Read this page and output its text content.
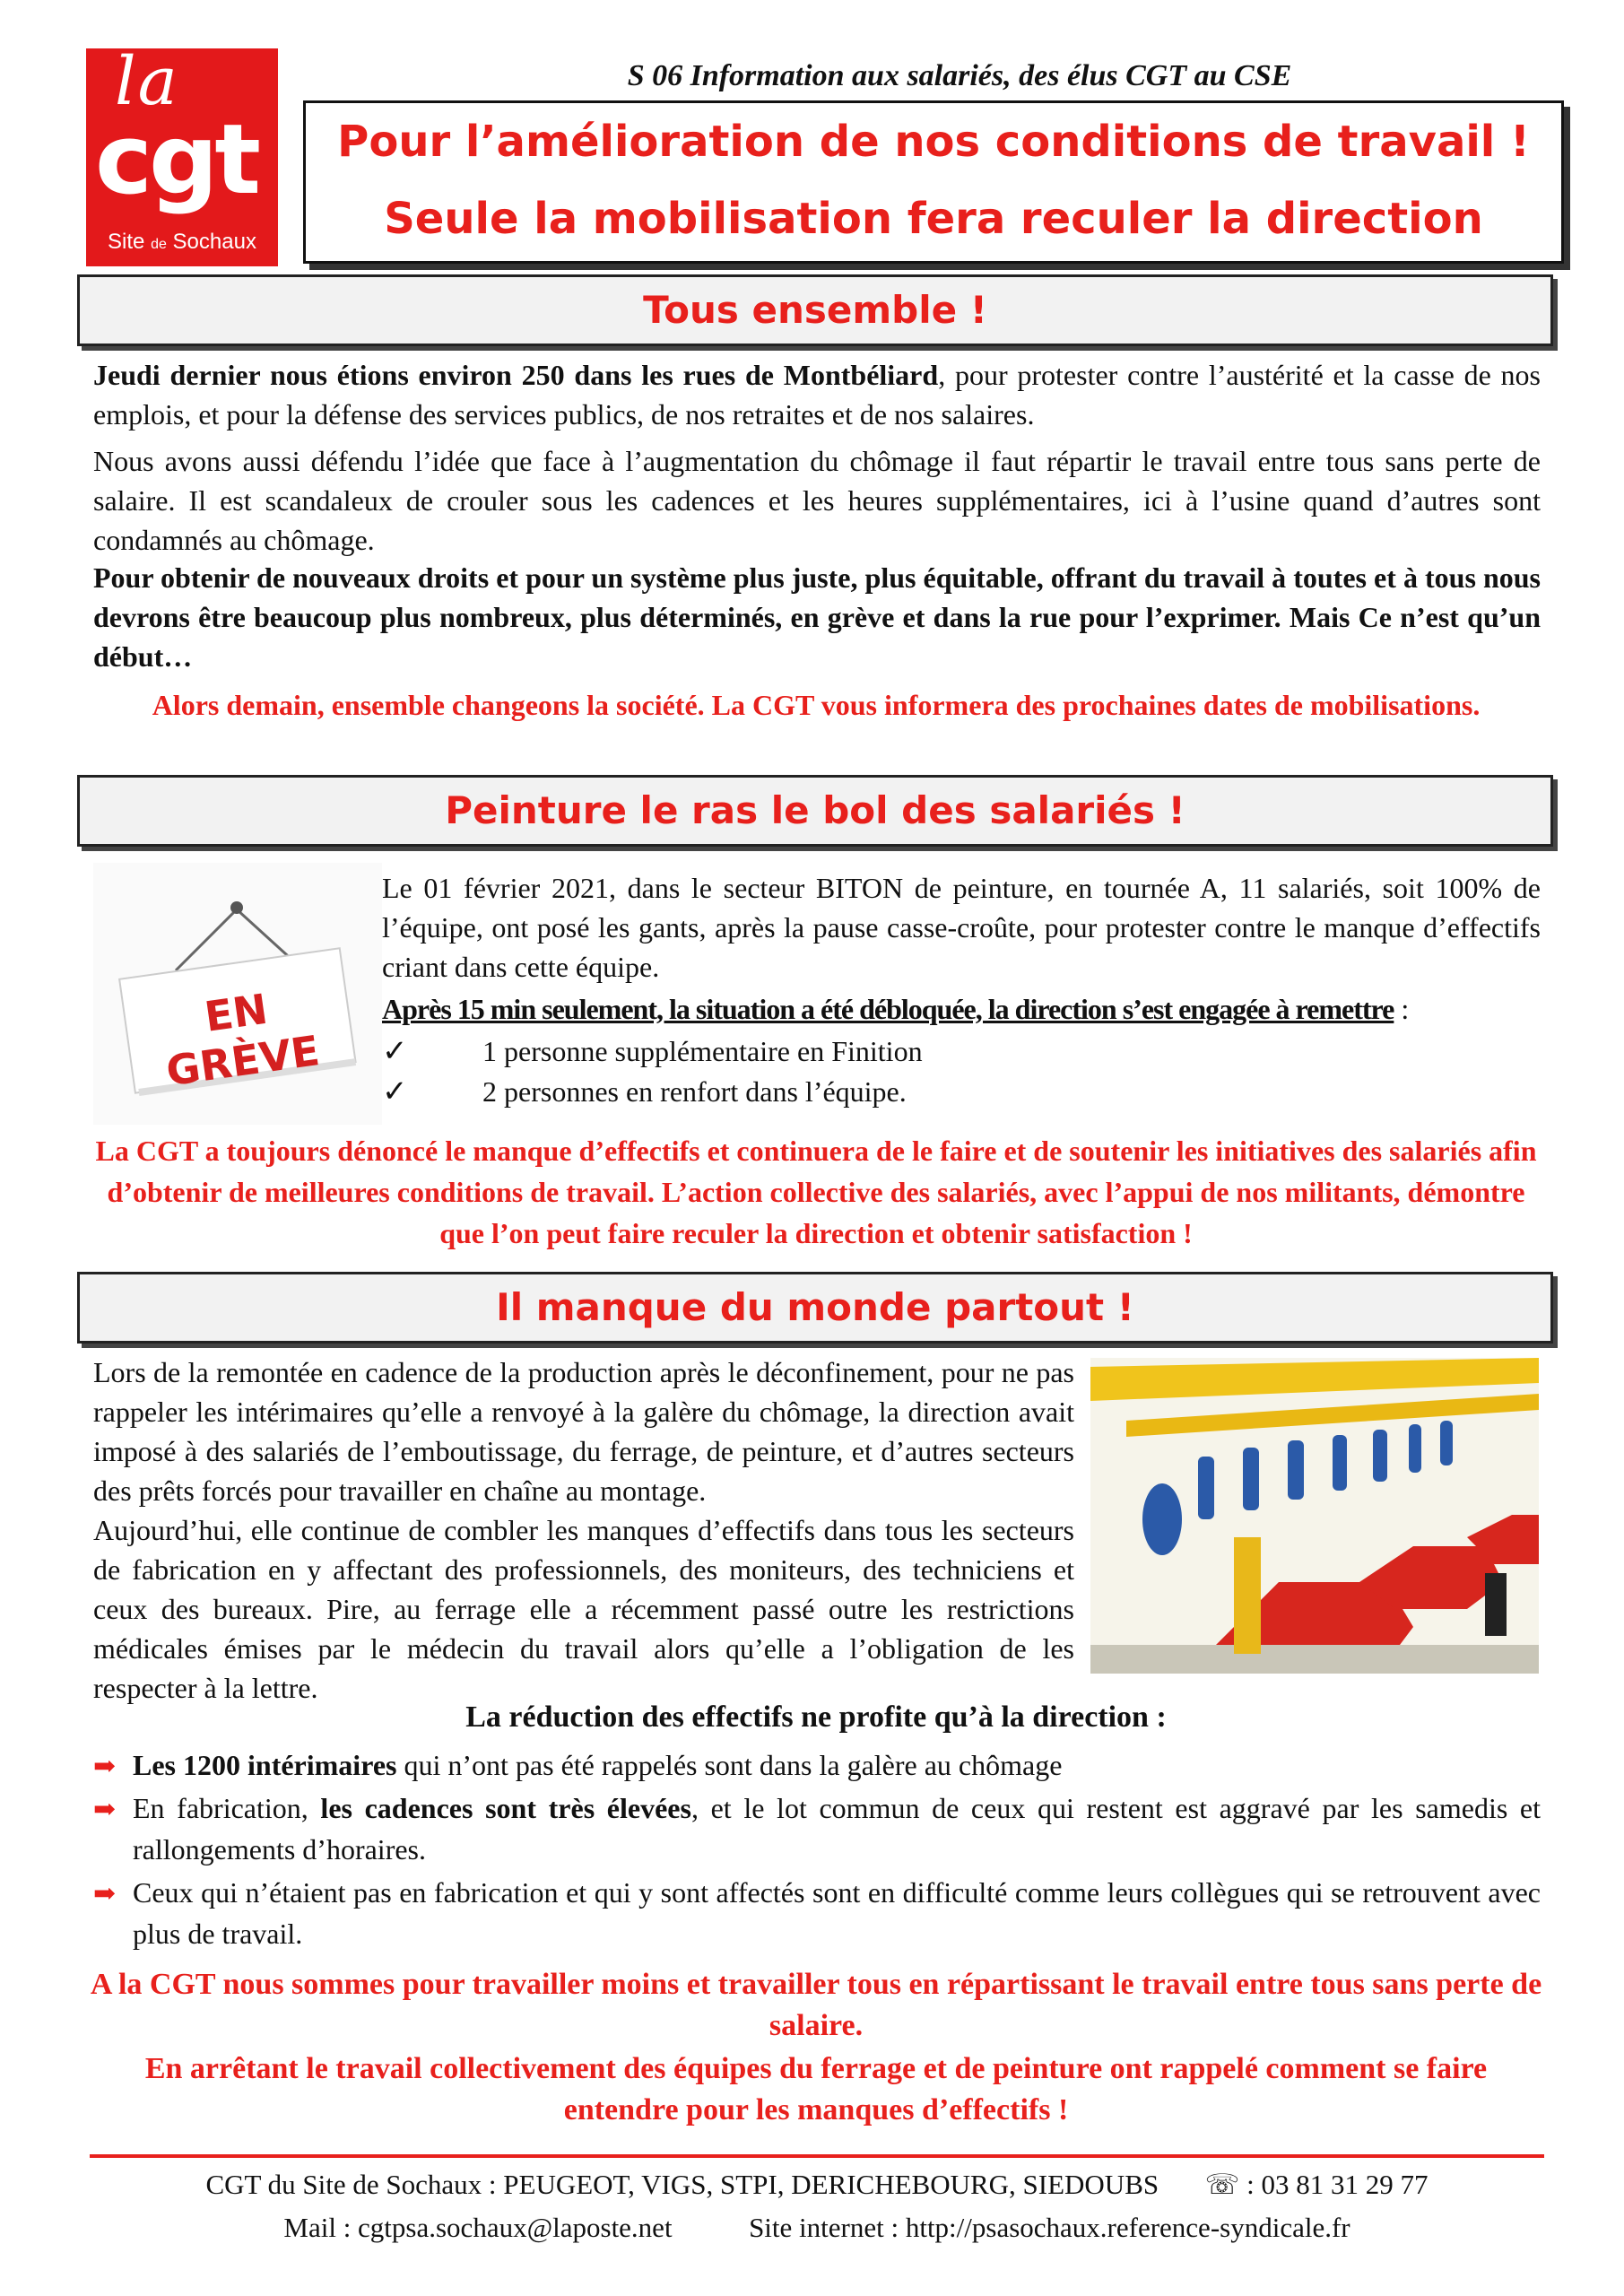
la
cgt
Site de Sochaux
S 06 Information aux salariés, des élus CGT au CSE
Pour l’amélioration de nos conditions de travail !
Seule la mobilisation fera reculer la direction
Tous ensemble !
Jeudi dernier nous étions environ 250 dans les rues de Montbéliard, pour protester contre l’austérité et la casse de nos emplois, et pour la défense des services publics, de nos retraites et de nos salaires.
Nous avons aussi défendu l’idée que face à l’augmentation du chômage il faut répartir le travail entre tous sans perte de salaire. Il est scandaleux de crouler sous les cadences et les heures supplémentaires, ici à l’usine quand d’autres sont condamnés au chômage.
Pour obtenir de nouveaux droits et pour un système plus juste, plus équitable, offrant du travail à toutes et à tous nous devrons être beaucoup plus nombreux, plus déterminés, en grève et dans la rue pour l’exprimer. Mais Ce n’est qu’un début…
Alors demain, ensemble changeons la société. La CGT vous informera des prochaines dates de mobilisations.
Peinture le ras le bol des salariés !
EN GRÈVE
Le 01 février 2021, dans le secteur BITON de peinture, en tournée A, 11 salariés, soit 100% de l’équipe, ont posé les gants, après la pause casse-croûte, pour protester contre le manque d’effectifs criant dans cette équipe.
Après 15 min seulement, la situation a été débloquée, la direction s’est engagée à remettre :
✓	1 personne supplémentaire en Finition
✓	2 personnes en renfort dans l’équipe.
La CGT a toujours dénoncé le manque d’effectifs et continuera de le faire et de soutenir les initiatives des salariés afin d’obtenir de meilleures conditions de travail. L’action collective des salariés, avec l’appui de nos militants, démontre que l’on peut faire reculer la direction et obtenir satisfaction !
Il manque du monde partout !
Lors de la remontée en cadence de la production après le déconfinement, pour ne pas rappeler les intérimaires qu’elle a renvoyé à la galère du chômage, la direction avait imposé à des salariés de l’emboutissage, du ferrage, de peinture, et d’autres secteurs des prêts forcés pour travailler en chaîne au montage.
Aujourd’hui, elle continue de combler les manques d’effectifs dans tous les secteurs de fabrication en y affectant des professionnels, des moniteurs, des techniciens et ceux des bureaux. Pire, au ferrage elle a récemment passé outre les restrictions médicales émises par le médecin du travail alors qu’elle a l’obligation de les respecter à la lettre.
La réduction des effectifs ne profite qu’à la direction :
➡ Les 1200 intérimaires qui n’ont pas été rappelés sont dans la galère au chômage
➡ En fabrication, les cadences sont très élevées, et le lot commun de ceux qui restent est aggravé par les samedis et rallongements d’horaires.
➡ Ceux qui n’étaient pas en fabrication et qui y sont affectés sont en difficulté comme leurs collègues qui se retrouvent avec plus de travail.
A la CGT nous sommes pour travailler moins et travailler tous en répartissant le travail entre tous sans perte de salaire.
En arrêtant le travail collectivement des équipes du ferrage et de peinture ont rappelé comment se faire entendre pour les manques d’effectifs !
CGT du Site de Sochaux : PEUGEOT, VIGS, STPI, DERICHEBOURG, SIEDOUBS ☏ : 03 81 31 29 77
Mail : cgtpsa.sochaux@laposte.net	Site internet : http://psasochaux.reference-syndicale.fr
